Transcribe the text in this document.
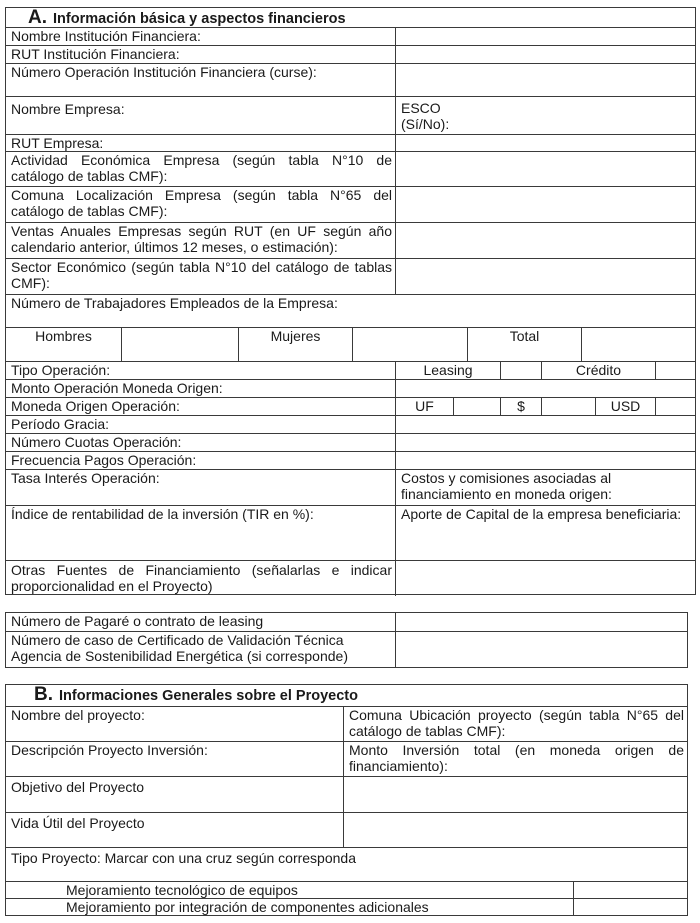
A. Información básica y aspectos financieros
Nombre Institución Financiera:
RUT Institución Financiera:
Número Operación Institución Financiera (curse):
Nombre Empresa:	ESCO (Sí/No):
RUT Empresa:
Actividad Económica Empresa (según tabla N°10 de catálogo de tablas CMF):
Comuna Localización Empresa (según tabla N°65 del catálogo de tablas CMF):
Ventas Anuales Empresas según RUT (en UF según año calendario anterior, últimos 12 meses, o estimación):
Sector Económico (según tabla N°10 del catálogo de tablas CMF):
Número de Trabajadores Empleados de la Empresa:
Hombres	Mujeres	Total
Tipo Operación:	Leasing	Crédito
Monto Operación Moneda Origen:
Moneda Origen Operación:	UF	$	USD
Período Gracia:
Número Cuotas Operación:
Frecuencia Pagos Operación:
Tasa Interés Operación:	Costos y comisiones asociadas al financiamiento en moneda origen:
Índice de rentabilidad de la inversión (TIR en %):	Aporte de Capital de la empresa beneficiaria:
Otras Fuentes de Financiamiento (señalarlas e indicar proporcionalidad en el Proyecto)
Número de Pagaré o contrato de leasing
Número de caso de Certificado de Validación Técnica Agencia de Sostenibilidad Energética (si corresponde)
B. Informaciones Generales sobre el Proyecto
Nombre del proyecto:	Comuna Ubicación proyecto (según tabla N°65 del catálogo de tablas CMF):
Descripción Proyecto Inversión:	Monto Inversión total (en moneda origen de financiamiento):
Objetivo del Proyecto
Vida Útil del Proyecto
Tipo Proyecto: Marcar con una cruz según corresponda
Mejoramiento tecnológico de equipos
Mejoramiento por integración de componentes adicionales
